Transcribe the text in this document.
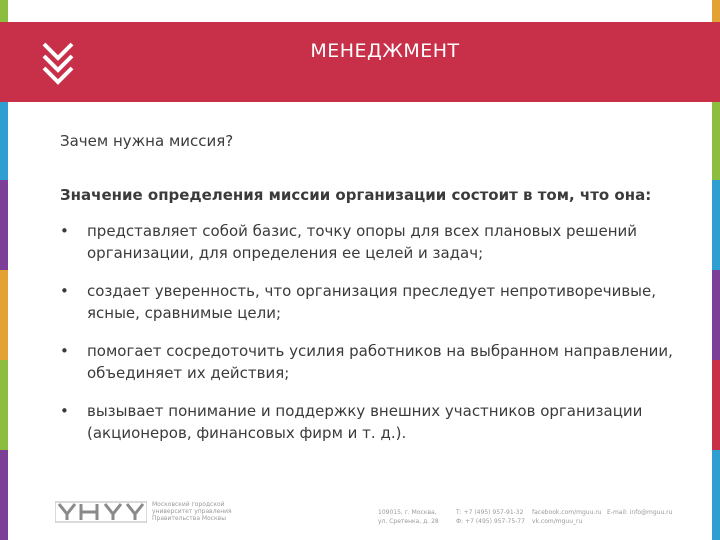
МЕНЕДЖМЕНТ

Зачем нужна миссия?

Значение определения миссии организации состоит в том, что она:

• представляет собой базис, точку опоры для всех плановых решений организации, для определения ее целей и задач;
• создает уверенность, что организация преследует непротиворечивые, ясные, сравнимые цели;
• помогает сосредоточить усилия работников на выбранном направлении, объединяет их действия;
• вызывает понимание и поддержку внешних участников организации (акционеров, финансовых фирм и т. д.).
Московский городской университет управления Правительства Москвы
109015, г. Москва,
ул. Сретенка, д. 28
Т: +7 (495) 957-91-32
Ф: +7 (495) 957-75-77
facebook.com/mguu.ru
vk.com/mguu_ru
E-mail: info@mguu.ru
